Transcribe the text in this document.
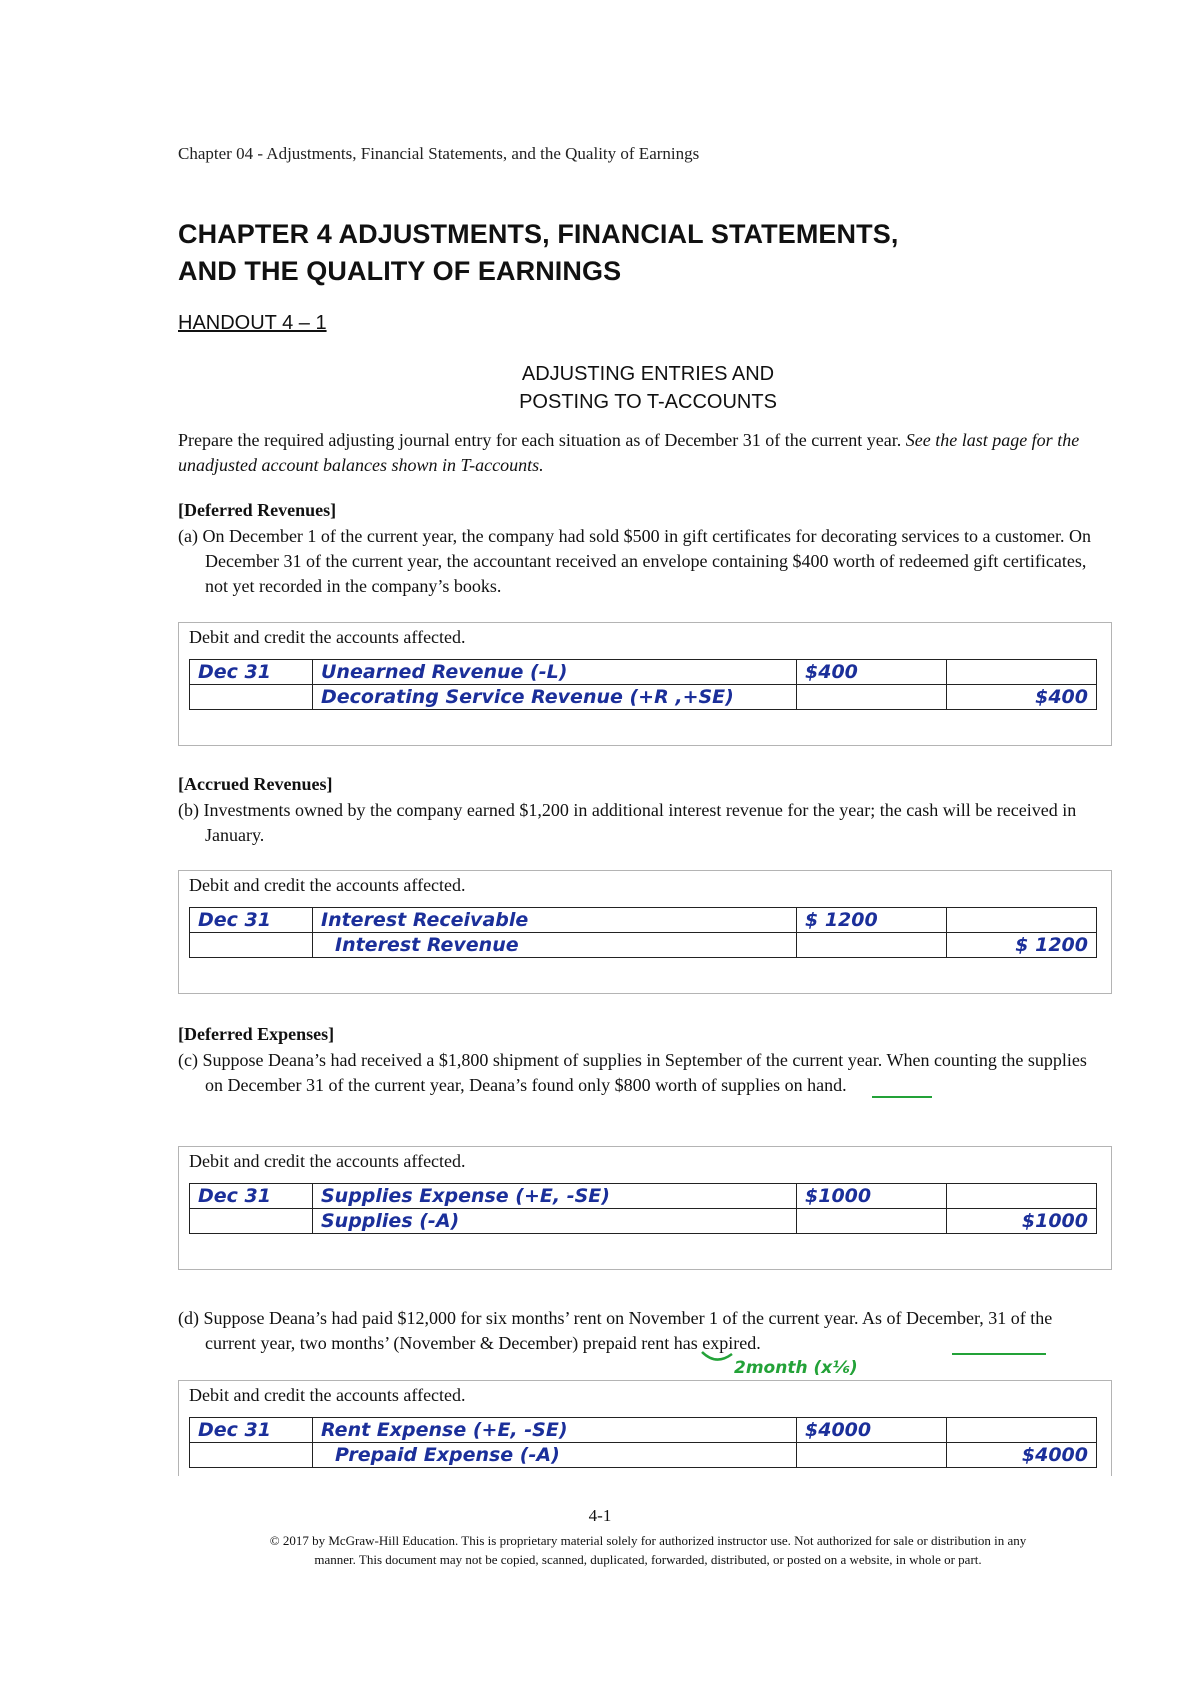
Chapter 04 - Adjustments, Financial Statements, and the Quality of Earnings
CHAPTER 4 ADJUSTMENTS, FINANCIAL STATEMENTS,
AND THE QUALITY OF EARNINGS
HANDOUT 4 – 1
ADJUSTING ENTRIES AND
POSTING TO T-ACCOUNTS
Prepare the required adjusting journal entry for each situation as of December 31 of the current year. See the last page for the unadjusted account balances shown in T-accounts.
[Deferred Revenues]
(a) On December 1 of the current year, the company had sold $500 in gift certificates for decorating services to a customer. On December 31 of the current year, the accountant received an envelope containing $400 worth of redeemed gift certificates, not yet recorded in the company’s books.
Debit and credit the accounts affected.
Dec 31	Unearned Revenue (-L)	$400	
	Decorating Service Revenue (+R ,+SE)		$400
[Accrued Revenues]
(b) Investments owned by the company earned $1,200 in additional interest revenue for the year; the cash will be received in January.
Debit and credit the accounts affected.
Dec 31	Interest Receivable	$ 1200	
	Interest Revenue		$ 1200
[Deferred Expenses]
(c) Suppose Deana’s had received a $1,800 shipment of supplies in September of the current year. When counting the supplies on December 31 of the current year, Deana’s found only $800 worth of supplies on hand.
Debit and credit the accounts affected.
Dec 31	Supplies Expense (+E, -SE)	$1000	
	Supplies (-A)		$1000
(d) Suppose Deana’s had paid $12,000 for six months’ rent on November 1 of the current year. As of December, 31 of the current year, two months’ (November & December) prepaid rent has expired.
2month (x⅙)
Debit and credit the accounts affected.
Dec 31	Rent Expense (+E, -SE)	$4000	
	Prepaid Expense (-A)		$4000
4-1
© 2017 by McGraw-Hill Education. This is proprietary material solely for authorized instructor use. Not authorized for sale or distribution in any
manner. This document may not be copied, scanned, duplicated, forwarded, distributed, or posted on a website, in whole or part.
